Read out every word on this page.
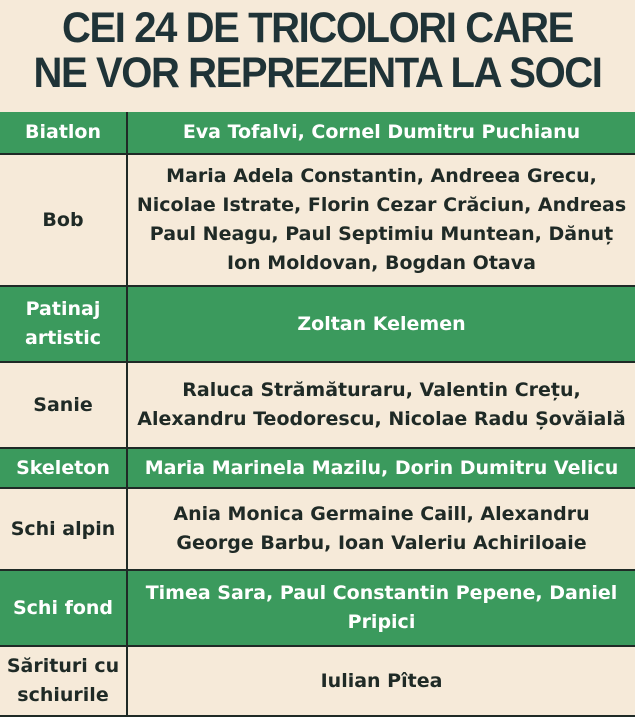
CEI 24 DE TRICOLORI CARE
NE VOR REPREZENTA LA SOCI
Biatlon	Eva Tofalvi, Cornel Dumitru Puchianu
Bob	Maria Adela Constantin, Andreea Grecu, Nicolae Istrate, Florin Cezar Crăciun, Andreas Paul Neagu, Paul Septimiu Muntean, Dănuț Ion Moldovan, Bogdan Otava
Patinaj artistic	Zoltan Kelemen
Sanie	Raluca Strămăturaru, Valentin Crețu, Alexandru Teodorescu, Nicolae Radu Șovăială
Skeleton	Maria Marinela Mazilu, Dorin Dumitru Velicu
Schi alpin	Ania Monica Germaine Caill, Alexandru George Barbu, Ioan Valeriu Achiriloaie
Schi fond	Timea Sara, Paul Constantin Pepene, Daniel Pripici
Sărituri cu schiurile	Iulian Pîtea
